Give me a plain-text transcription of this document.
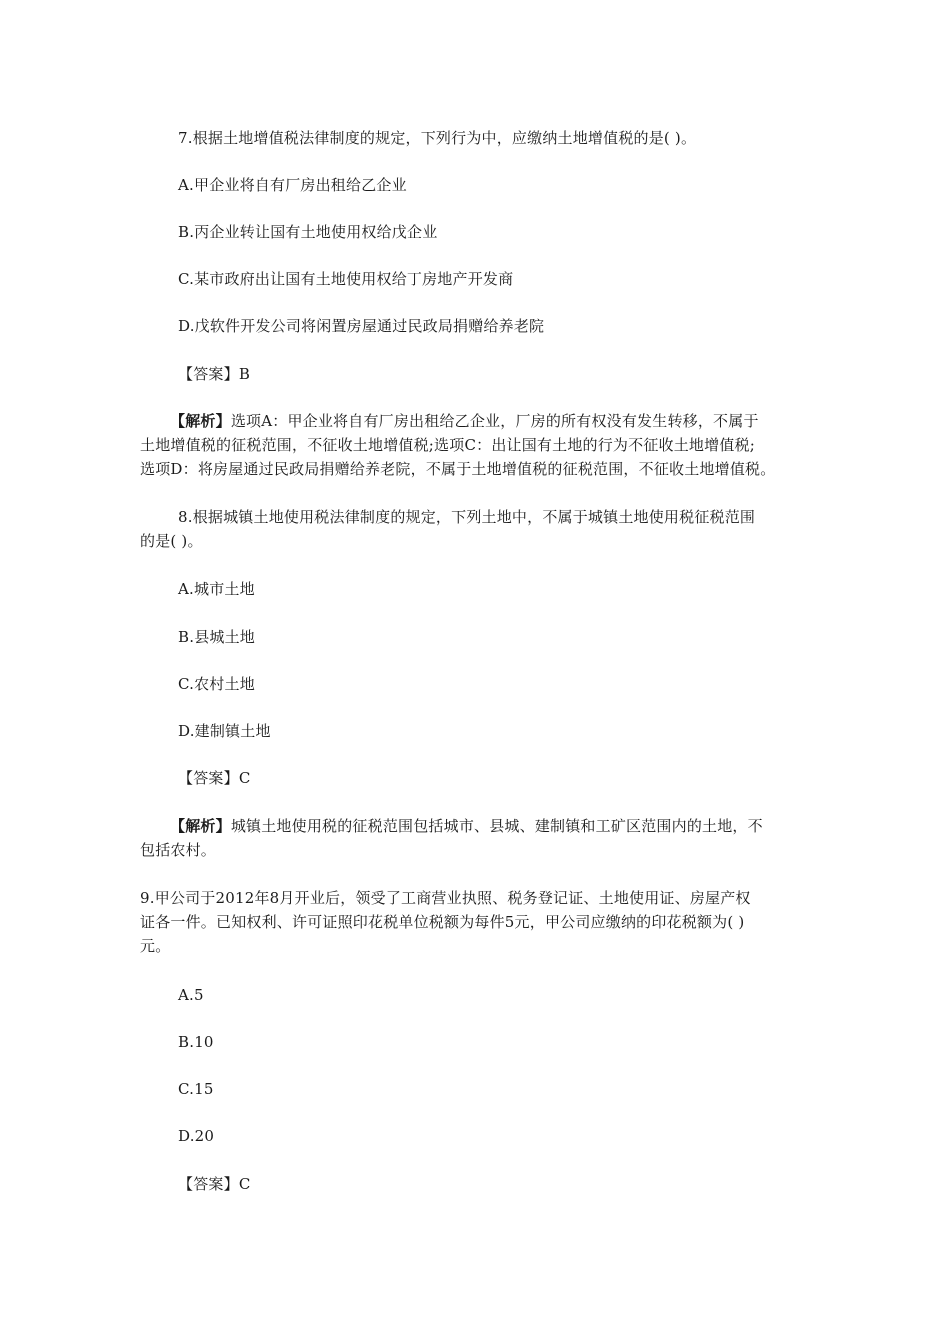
7.根据土地增值税法律制度的规定，下列行为中，应缴纳土地增值税的是( )。
A.甲企业将自有厂房出租给乙企业
B.丙企业转让国有土地使用权给戊企业
C.某市政府出让国有土地使用权给丁房地产开发商
D.戊软件开发公司将闲置房屋通过民政局捐赠给养老院
【答案】B
【解析】选项A：甲企业将自有厂房出租给乙企业，厂房的所有权没有发生转移，不属于
土地增值税的征税范围，不征收土地增值税;选项C：出让国有土地的行为不征收土地增值税;
选项D：将房屋通过民政局捐赠给养老院，不属于土地增值税的征税范围，不征收土地增值税。
8.根据城镇土地使用税法律制度的规定，下列土地中，不属于城镇土地使用税征税范围
的是( )。
A.城市土地
B.县城土地
C.农村土地
D.建制镇土地
【答案】C
【解析】城镇土地使用税的征税范围包括城市、县城、建制镇和工矿区范围内的土地，不
包括农村。
9.甲公司于2012年8月开业后，领受了工商营业执照、税务登记证、土地使用证、房屋产权
证各一件。已知权利、许可证照印花税单位税额为每件5元，甲公司应缴纳的印花税额为( )
元。
A.5
B.10
C.15
D.20
【答案】C
